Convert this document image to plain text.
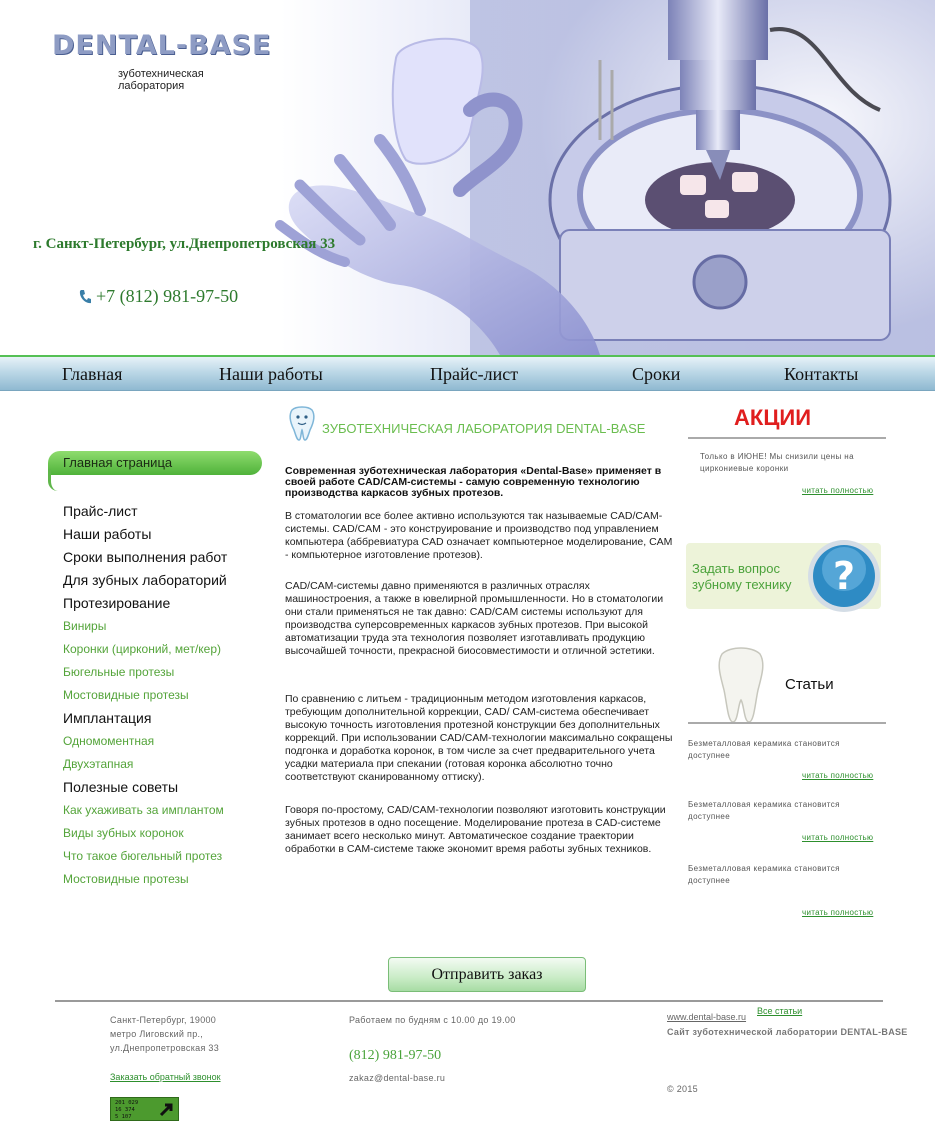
DENTAL-BASE
зуботехническая лаборатория
г. Санкт-Петербург, ул.Днепропетровская 33
+7 (812) 981-97-50
Главная	Наши работы	Прайс-лист	Сроки	Контакты
Главная страница
Прайс-лист
Наши работы
Сроки выполнения работ
Для зубных лабораторий
Протезирование
Виниры
Коронки (цирконий, мет/кер)
Бюгельные протезы
Мостовидные протезы
Имплантация
Одномоментная
Двухэтапная
Полезные советы
Как ухаживать за имплантом
Виды зубных коронок
Что такое бюгельный протез
Мостовидные протезы
ЗУБОТЕХНИЧЕСКАЯ ЛАБОРАТОРИЯ DENTAL-BASE
Современная зуботехническая лаборатория «Dental-Base» применяет в своей работе CAD/CAM-системы - самую современную технологию производства каркасов зубных протезов.
В стоматологии все более активно используются так называемые CAD/CAM-системы. CAD/CAM - это конструирование и производство под управлением компьютера (аббревиатура CAD означает компьютерное моделирование, CAM - компьютерное изготовление протезов).
CAD/CAM-системы давно применяются в различных отраслях машиностроения, а также в ювелирной промышленности. Но в стоматологии они стали применяться не так давно: CAD/CAM системы используют для производства суперсовременных каркасов зубных протезов. При высокой автоматизации труда эта технология позволяет изготавливать продукцию высочайшей точности, прекрасной биосовместимости и отличной эстетики.
По сравнению с литьем - традиционным методом изготовления каркасов, требующим дополнительной коррекции, CAD/ CAM-система обеспечивает высокую точность изготовления протезной конструкции без дополнительных коррекций. При использовании CAD/CAM-технологии максимально сокращены подгонка и доработка коронок, в том числе за счет предварительного учета усадки материала при спекании (готовая коронка абсолютно точно соответствуют сканированному оттиску).
Говоря по-простому, CAD/CAM-технологии позволяют изготовить конструкции зубных протезов в одно посещение. Моделирование протеза в CAD-системе занимает всего несколько минут. Автоматическое создание траектории обработки в CAM-системе также экономит время работы зубных техников.
АКЦИИ
Только в ИЮНЕ! Мы снизили цены на циркониевые коронки
читать полностью
Задать вопрос зубному технику ?
Статьи
Безметалловая керамика становится доступнее
читать полностью
Безметалловая керамика становится доступнее
читать полностью
Безметалловая керамика становится доступнее
читать полностью
Отправить заказ
Санкт-Петербург, 19000
метро Лиговский пр.,
ул.Днепропетровская 33
Заказать обратный звонок
201 029
16 374
5 107
Работаем по будням с 10.00 до 19.00
(812) 981-97-50
zakaz@dental-base.ru
www.dental-base.ru
Все статьи
Сайт зуботехнической лаборатории DENTAL-BASE
© 2015
